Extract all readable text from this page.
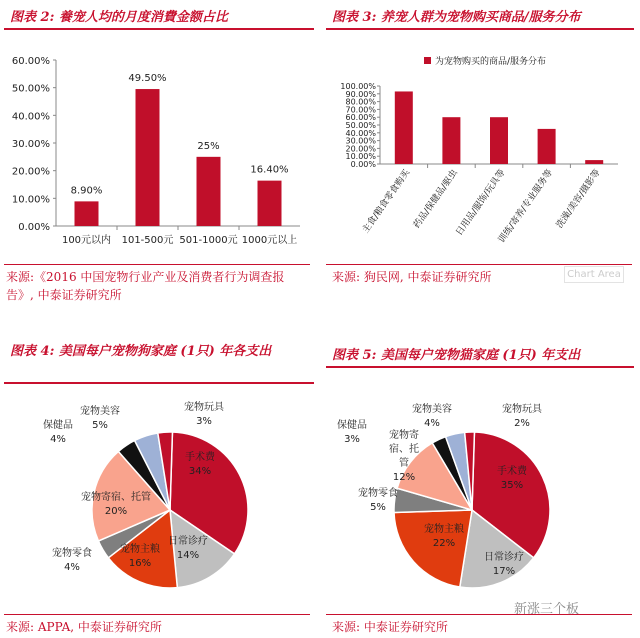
图表 2: 養宠人均的月度消費金额占比
0.00%
10.00%
20.00%
30.00%
40.00%
50.00%
60.00%
8.90%
100元以内
49.50%
101-500元
25%
501-1000元
16.40%
1000元以上
来源:《2016 中国宠物行业产业及消费者行为调查报告》, 中泰证券研究所
图表 3: 养宠人群为宠物购买商品/服务分布
为宠物购买的商品/服务分布
0.00%
10.00%
20.00%
30.00%
40.00%
50.00%
60.00%
70.00%
80.00%
90.00%
100.00%
主食/粮食零食购买 药品/保健品/驱虫
日用品/服饰/玩具等
训练/寄养/专业服务等 洗澡/美容/摄影等
来源: 狗民网, 中泰证券研究所	Chart Area
图表 4: 美国每户宠物狗家庭 (1只) 年各支出
手术费
34%
日常诊疗
14%
宠物主粮
16%
宠物寄宿、托管
20%
宠物零食
4%
保健品
4%
宠物美容
5%
宠物玩具
3%
来源: APPA, 中泰证券研究所
图表 5: 美国每户宠物猫家庭 (1只) 年支出
手术费
35%
日常诊疗
17%
宠物主粮
22%
宠物寄
宿、托
管
12%
宠物零食
5%
保健品
3%
宠物美容
4%
宠物玩具
2%
来源: 中泰证券研究所
新涨三个板
